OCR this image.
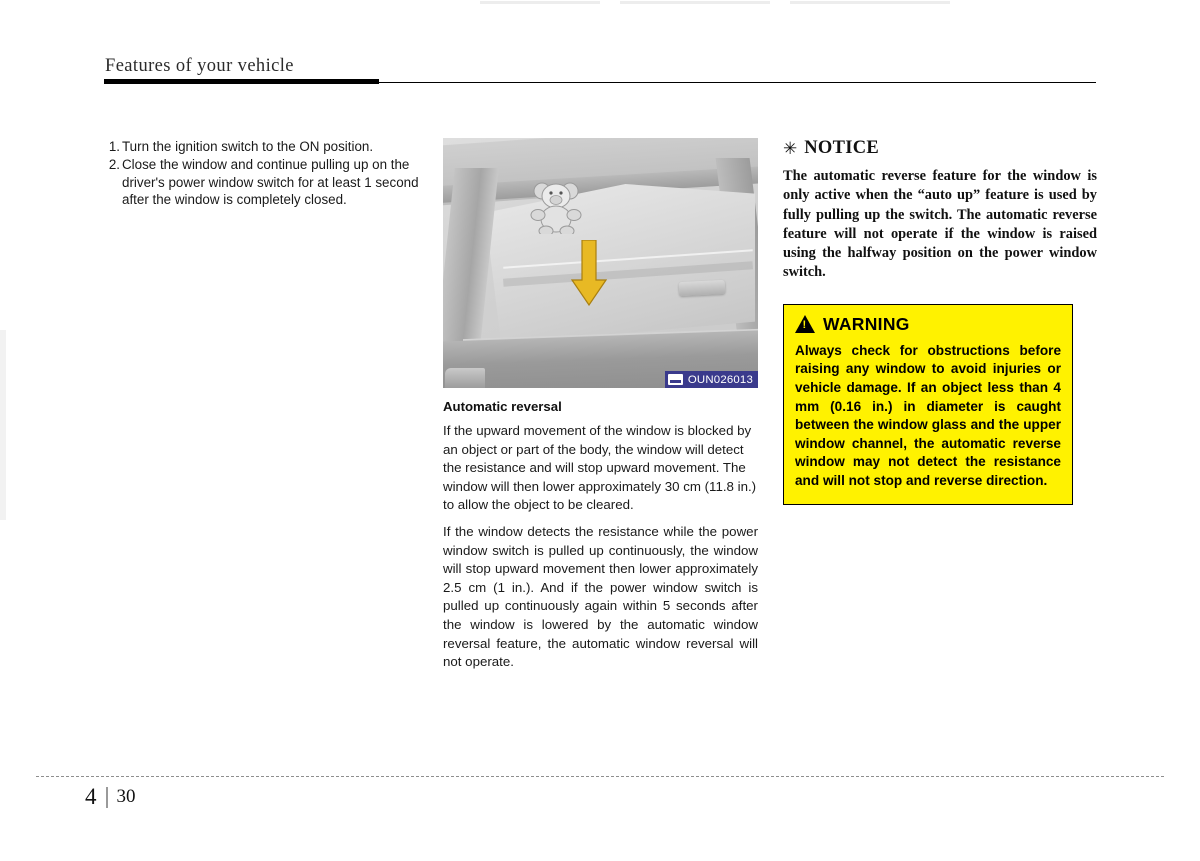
Features of your vehicle
1. Turn the ignition switch to the ON position.
2. Close the window and continue pulling up on the driver's power window switch for at least 1 second after the window is completely closed.
OUN026013
Automatic reversal
If the upward movement of the window is blocked by an object or part of the body, the window will detect the resistance and will stop upward movement. The window will then lower approximately 30 cm (11.8 in.) to allow the object to be cleared.
If the window detects the resistance while the power window switch is pulled up continuously, the window will stop upward movement then lower approximately 2.5 cm (1 in.). And if the power window switch is pulled up continuously again within 5 seconds after the window is lowered by the automatic window reversal feature, the automatic window reversal will not operate.
✳ NOTICE
The automatic reverse feature for the window is only active when the “auto up” feature is used by fully pulling up the switch. The automatic reverse feature will not operate if the window is raised using the halfway position on the power window switch.
!
WARNING
Always check for obstructions before raising any window to avoid injuries or vehicle damage. If an object less than 4 mm (0.16 in.) in diameter is caught between the window glass and the upper window channel, the automatic reverse window may not detect the resistance and will not stop and reverse direction.
4 30
